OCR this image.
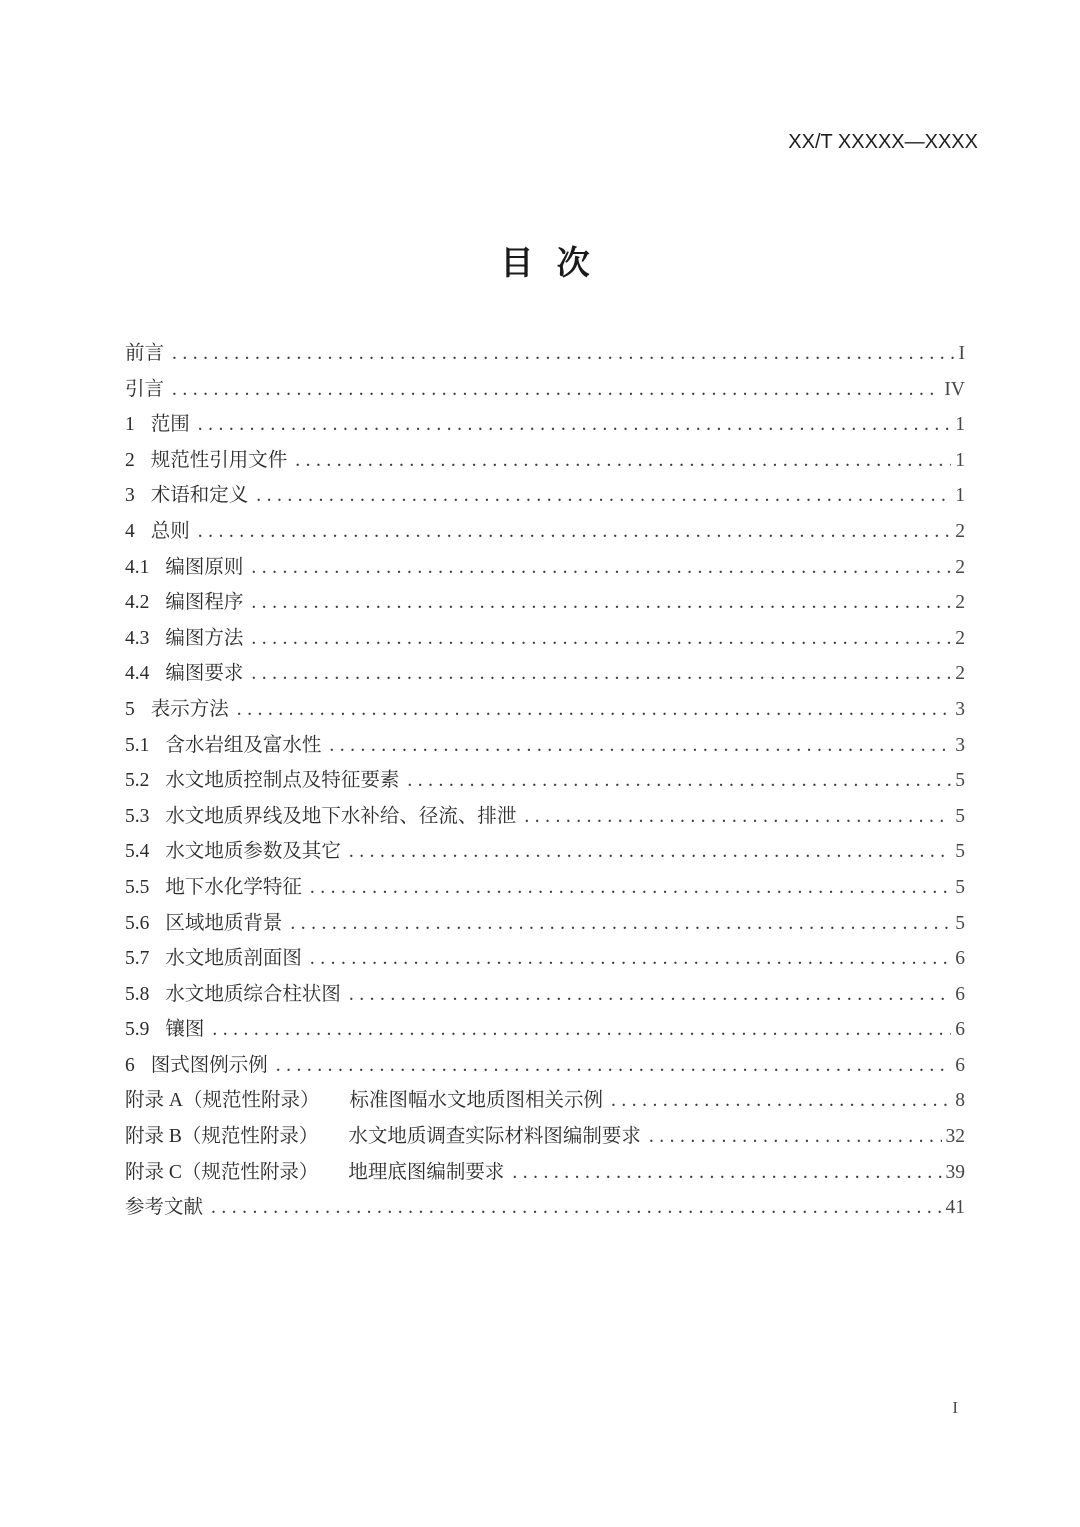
XX/T XXXXX—XXXX
目 次
前言 .....	I
引言 .....	IV
1 范围 .....	1
2 规范性引用文件 .....	1
3 术语和定义 .....	1
4 总则 .....	2
4.1 编图原则 .....	2
4.2 编图程序 .....	2
4.3 编图方法 .....	2
4.4 编图要求 .....	2
5 表示方法 .....	3
5.1 含水岩组及富水性 .....	3
5.2 水文地质控制点及特征要素 .....	5
5.3 水文地质界线及地下水补给、径流、排泄 .....	5
5.4 水文地质参数及其它 .....	5
5.5 地下水化学特征 .....	5
5.6 区域地质背景 .....	5
5.7 水文地质剖面图 .....	6
5.8 水文地质综合柱状图 .....	6
5.9 镶图 .....	6
6 图式图例示例 .....	6
附录 A（规范性附录） 标准图幅水文地质图相关示例 .....	8
附录 B（规范性附录） 水文地质调查实际材料图编制要求 .....	32
附录 C（规范性附录） 地理底图编制要求 .....	39
参考文献 .....	41
I
